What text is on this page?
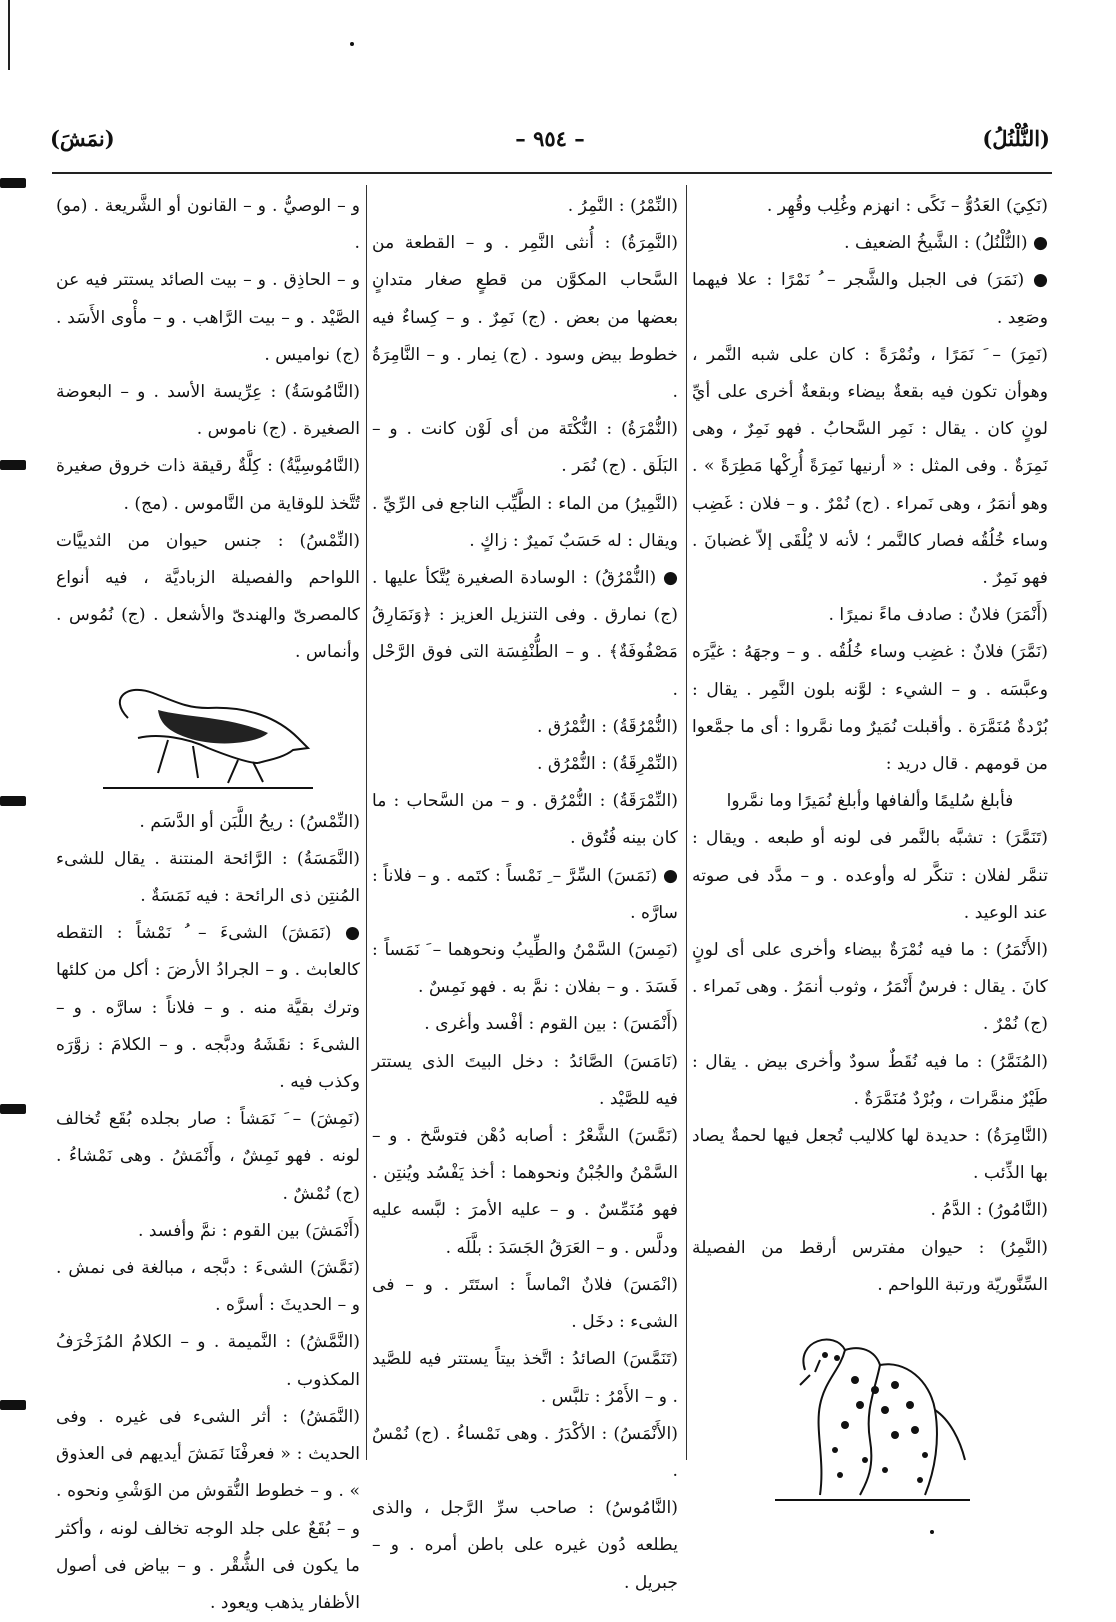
(النُّلْنُلُ)
– ٩٥٤ –
(نمَشَ)

(نَكِيَ) العَدُوُّ – نَكًى : انهزم وغُلِب وقُهِر .

● (النُّلْنُلُ) : الشَّيخُ الضعيف .

● (نَمَرَ) فى الجبل والشَّجر – ُ نَمْرًا : علا فيهما وصَعِد .

(نَمِرَ) – َ نَمَرًا ، ونُمْرَةً : كان على شبه النَّمر ، وهوأن تكون فيه بقعةٌ بيضاء وبقعةٌ أخرى على أيِّ لونٍ كان . يقال : نَمِر السَّحابُ . فهو نَمِرٌ ، وهى نَمِرَةٌ . وفى المثل : « أرنيها نَمِرَةً أُرِكْها مَطِرَةً » . وهو أنمَرُ ، وهى نَمراء . (ج) نُمْرٌ . و – فلان : غَضِب وساء خُلُقُه فصار كالنَّمر ؛ لأنه لا يُلْقَى إلاّ غضبانَ . فهو نَمِرٌ .

(أَنْمَرَ) فلانٌ : صادف ماءً نميرًا .

(نَمَّرَ) فلانٌ : غضِب وساء خُلُقُه . و – وجهَهُ : غيَّرَه وعبَّسَه . و – الشيء : لوَّنه بلون النَّمِر . يقال : بُرْدةٌ مُنَمَّرَة . وأقبلت نُمَيرٌ وما نمَّروا : أى ما جمَّعوا من قومهم . قال دريد :

فأبلغ سُليمًا وألفافها وأبلغ نُمَيرًا وما نمَّروا

(تَنَمَّرَ) : تشبَّه بالنَّمر فى لونه أو طبعه . ويقال : تنمَّر لفلان : تنكَّر له وأوعده . و – مدَّد فى صوته عند الوعيد .

(الأَنْمَرُ) : ما فيه نُمْرَةٌ بيضاء وأخرى على أى لونٍ كانَ . يقال : فرسٌ أَنْمَرُ ، وثوب أنمَرُ . وهى نَمراء . (ج) نُمْرٌ .

(المُنَمَّرُ) : ما فيه نُقَطٌ سودٌ وأخرى بيض . يقال : طَيْرٌ منمَّرات ، وبُرْدٌ مُنَمَّرَةٌ .

(النَّامِرَةُ) : حديدة لها كلاليب تُجعل فيها لحمةٌ يصاد بها الذِّئب .

(النَّامُورُ) : الدَّمُ .

(النَّمِرُ) : حيوان مفترس أرقط من الفصيلة السِّنَّوريّة ورتبة اللواحم .

(النِّمْرُ) : النَّمِرُ .

(النَّمِرَةُ) : أُنثى النَّمِر . و – القطعة من السَّحاب المكوَّن من قطعٍ صغار متدانٍ بعضها من بعض . (ج) نَمِرٌ . و – كِساءٌ فيه خطوط بيض وسود . (ج) نِمار . و – النَّامِرَةُ .

(النُّمْرَةُ) : النُّكْتَة من أى لَوْن كانت . و – البَلَق . (ج) نُمَر .

(النَّمِيرُ) من الماء : الطَّيِّب الناجع فى الرِّيِّ . ويقال : له حَسَبٌ نَميرٌ : زاكٍ .

● (النُّمْرُقُ) : الوسادة الصغيرة يُتَّكأ عليها . (ج) نمارق . وفى التنزيل العزيز : ﴿وَنَمَارِقُ مَصْفُوفَةٌ﴾ . و – الطُّنْفِسَة التى فوق الرَّحْل .

(النُّمْرُقَةُ) : النُّمْرُق .

(النِّمْرِقَةُ) : النُّمْرُق .

(النِّمْرَقَةُ) : النُّمْرُق . و – من السَّحاب : ما كان بينه فُتُوق .

● (نَمَسَ) السِّرَّ – ِ نَمْساً : كتَمه . و – فلاناً : سارَّه .

(نَمِسَ) السَّمْنُ والطِّيبُ ونحوهما – َ نَمَساً : فَسَدَ . و – بفلان : نمَّ به . فهو نَمِسٌ .

(أَنْمَسَ) : بين القوم : أفْسد وأغرى .

(نَامَسَ) الصَّائدُ : دخل البيتَ الذى يستتر فيه للصَّيْد .

(نَمَّسَ) الشَّعْرُ : أصابه دُهْن فتوسَّخ . و – السَّمْنُ والجُبْنُ ونحوهما : أخذ يَفْسُد ويُنتِن . فهو مُنَمِّسٌ . و – عليه الأمرَ : لبَّسه عليه ودلَّس . و – العَرَقُ الجَسَدَ : بلَّلَه .

(انْمَسَ) فلانٌ انْماساً : استَتَر . و – فى الشىء : دخَل .

(تَنَمَّسَ) الصائدُ : اتَّخذ بيتاً يستتر فيه للصَّيد . و – الأَمْرُ : تلبَّس .

(الأَنْمَسُ) : الأكْدَرُ . وهى نَمْساءُ . (ج) نُمْسٌ .

(النَّامُوسُ) : صاحب سرِّ الرَّجل ، والذى يطلعه دُون غيره على باطن أمره . و – جبريل .

و – الوصيُّ . و – القانون أو الشَّريعة . (مو) .

و – الحاذِق . و – بيت الصائد يستتر فيه عن الصَّيْد . و – بيت الرَّاهب . و – مأْوى الأَسَد . (ج) نواميس .

(النَّامُوسَةُ) : عِرِّيسة الأسد . و – البعوضة الصغيرة . (ج) ناموس .

(النَّامُوسِيَّةُ) : كِلَّةٌ رقيقة ذات خروق صغيرة تُتَّخذ للوقاية من النَّاموس . (مج) .

(النِّمْسُ) : جنس حيوان من الثدييَّات اللواحم والفصيلة الزباديَّة ، فيه أنواع كالمصرىّ والهندىّ والأشعل . (ج) نُمُوس . وأنماس .

(النِّمْسُ) : ريحُ اللَّبَن أو الدَّسَم .

(النَّمَسَةُ) : الرَّائحة المنتنة . يقال للشىء المُنتِن ذى الرائحة : فيه نَمَسَةٌ .

● (نَمَشَ) الشىءَ – ُ نَمْشاً : التقطه كالعابث . و – الجرادُ الأرضَ : أكل من كلئها وترك بقيَّة منه . و – فلاناً : سارَّه . و – الشىءَ : نقَشَهُ ودبَّجه . و – الكلامَ : زوَّرَه وكذب فيه .

(نَمِشَ) – َ نَمَشاً : صار بجلده بُقَع تُخالف لونه . فهو نَمِشٌ ، وأَنْمَشُ . وهى نَمْشاءُ . (ج) نُمْشٌ .

(أَنْمَشَ) بين القوم : نمَّ وأفسد .

(نَمَّشَ) الشىءَ : دبَّجه ، مبالغة فى نمش . و – الحديثَ : أسرَّه .

(النَّمَّشُ) : النَّميمة . و – الكلامُ المُزَخْرَفُ المكذوب .

(النَّمَشُ) : أثر الشىء فى غيره . وفى الحديث : « فعرفْنَا نَمَشَ أيديهم فى العذوق » . و – خطوط النُّقوش من الوَشْىِ ونحوه . و – بُقَعٌ على جلد الوجه تخالف لونه ، وأكثر ما يكون فى الشُّقْر . و – بياض فى أصول الأظفار يذهب ويعود .
